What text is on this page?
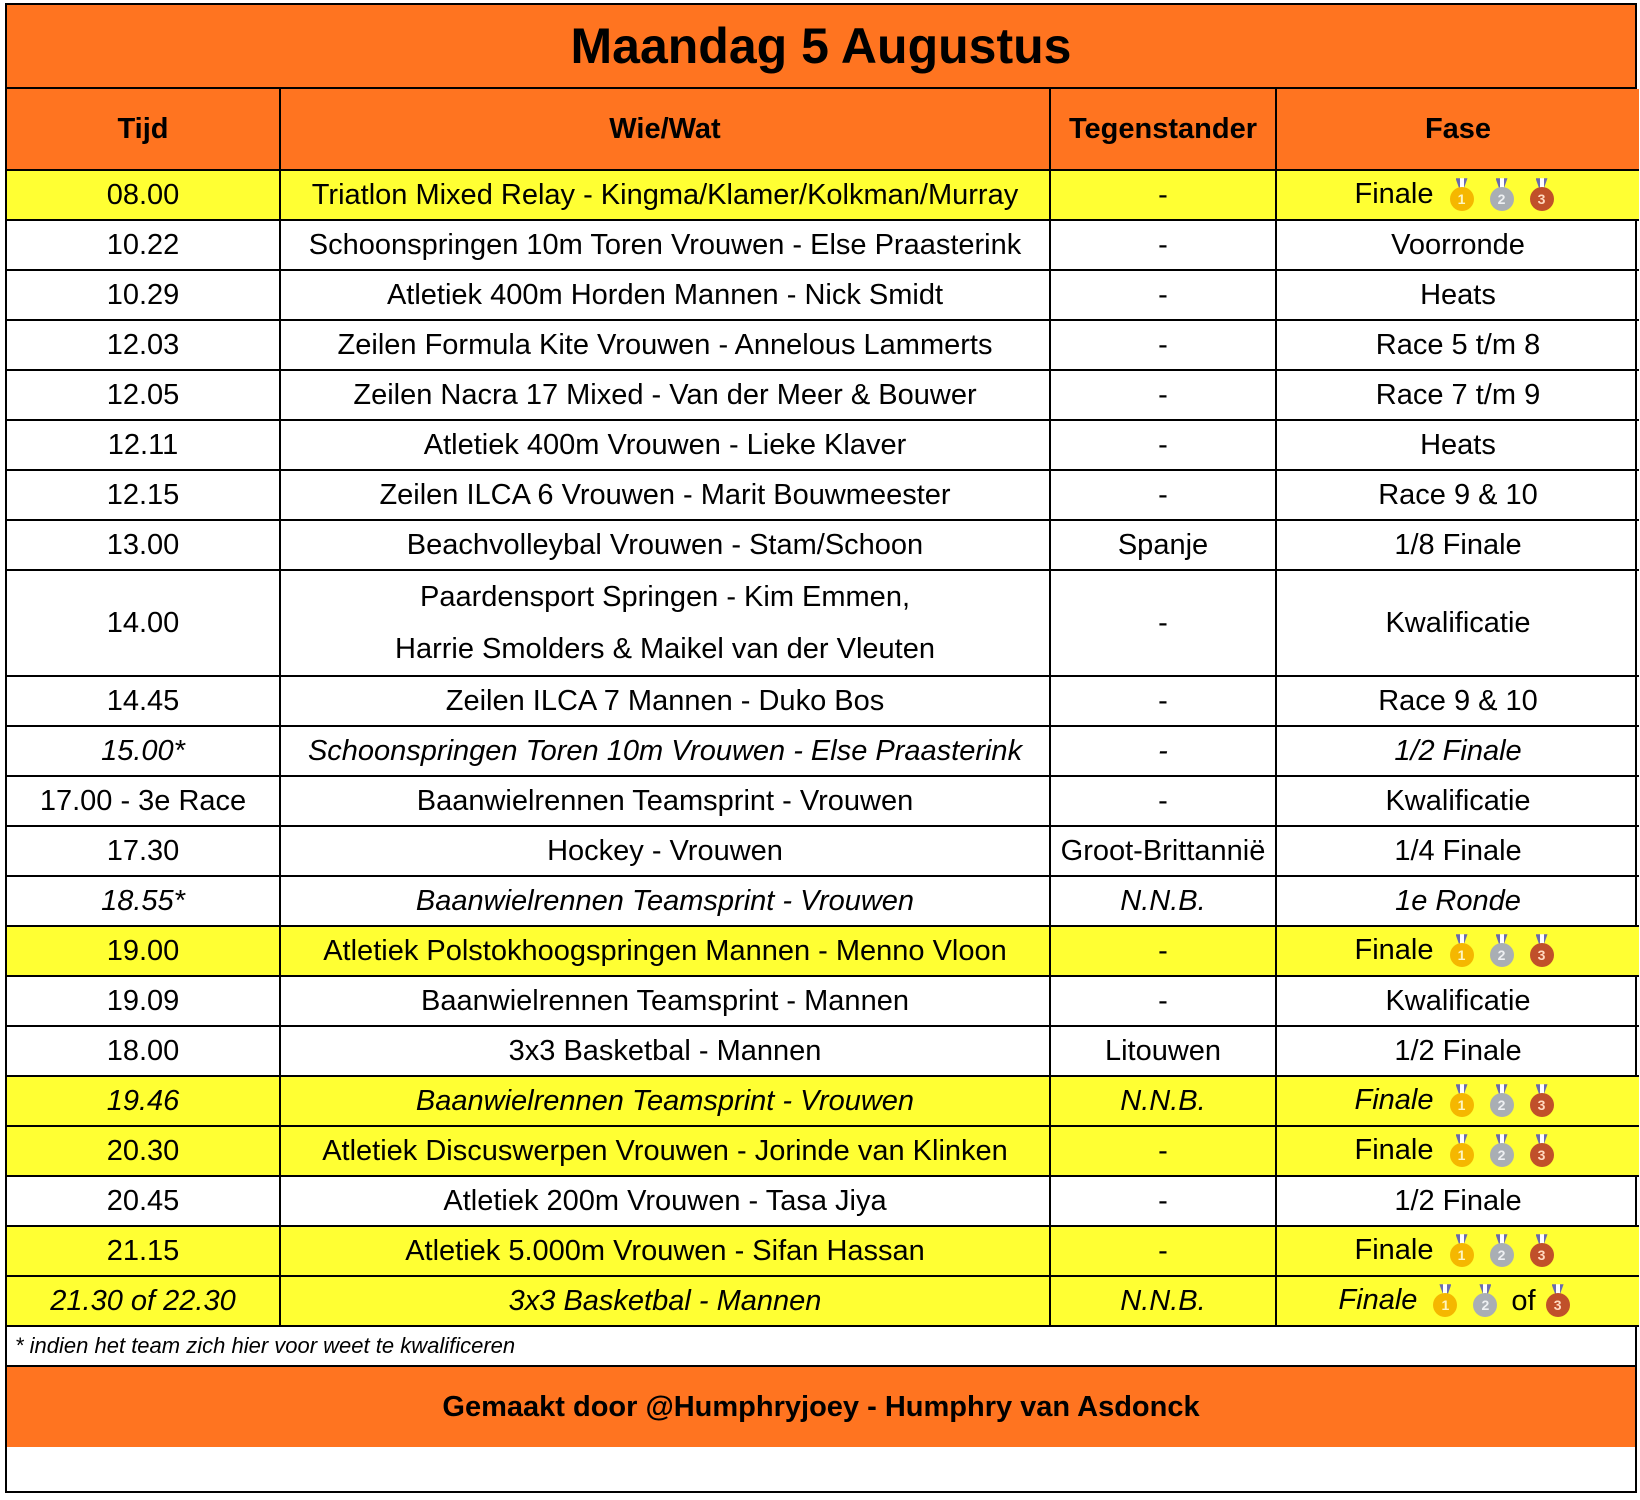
Maandag 5 Augustus
Tijd	Wie/Wat	Tegenstander	Fase
08.00	Triatlon Mixed Relay - Kingma/Klamer/Kolkman/Murray	-	Finale 1 2 3

10.22	Schoonspringen 10m Toren Vrouwen - Else Praasterink	-	Voorronde
10.29	Atletiek 400m Horden Mannen - Nick Smidt	-	Heats
12.03	Zeilen Formula Kite Vrouwen - Annelous Lammerts	-	Race 5 t/m 8
12.05	Zeilen Nacra 17 Mixed - Van der Meer & Bouwer	-	Race 7 t/m 9
12.11	Atletiek 400m Vrouwen - Lieke Klaver	-	Heats
12.15	Zeilen ILCA 6 Vrouwen - Marit Bouwmeester	-	Race 9 & 10
13.00	Beachvolleybal Vrouwen - Stam/Schoon	Spanje	1/8 Finale
14.00	Paardensport Springen - Kim Emmen,
Harrie Smolders & Maikel van der Vleuten	-	Kwalificatie
14.45	Zeilen ILCA 7 Mannen - Duko Bos	-	Race 9 & 10
15.00*	Schoonspringen Toren 10m Vrouwen - Else Praasterink	-	1/2 Finale
17.00 - 3e Race	Baanwielrennen Teamsprint - Vrouwen	-	Kwalificatie
17.30	Hockey - Vrouwen	Groot-Brittannië	1/4 Finale
18.55*	Baanwielrennen Teamsprint - Vrouwen	N.N.B.	1e Ronde
19.00	Atletiek Polstokhoogspringen Mannen - Menno Vloon	-	Finale 1 2 3

19.09	Baanwielrennen Teamsprint - Mannen	-	Kwalificatie
18.00	3x3 Basketbal - Mannen	Litouwen	1/2 Finale
19.46	Baanwielrennen Teamsprint - Vrouwen	N.N.B.	Finale 1 2 3

20.30	Atletiek Discuswerpen Vrouwen - Jorinde van Klinken	-	Finale 1 2 3

20.45	Atletiek 200m Vrouwen - Tasa Jiya	-	1/2 Finale
21.15	Atletiek 5.000m Vrouwen - Sifan Hassan	-	Finale 1 2 3

21.30 of 22.30	3x3 Basketbal - Mannen	N.N.B.	Finale 1 2 of 3
* indien het team zich hier voor weet te kwalificeren
Gemaakt door @Humphryjoey - Humphry van Asdonck
